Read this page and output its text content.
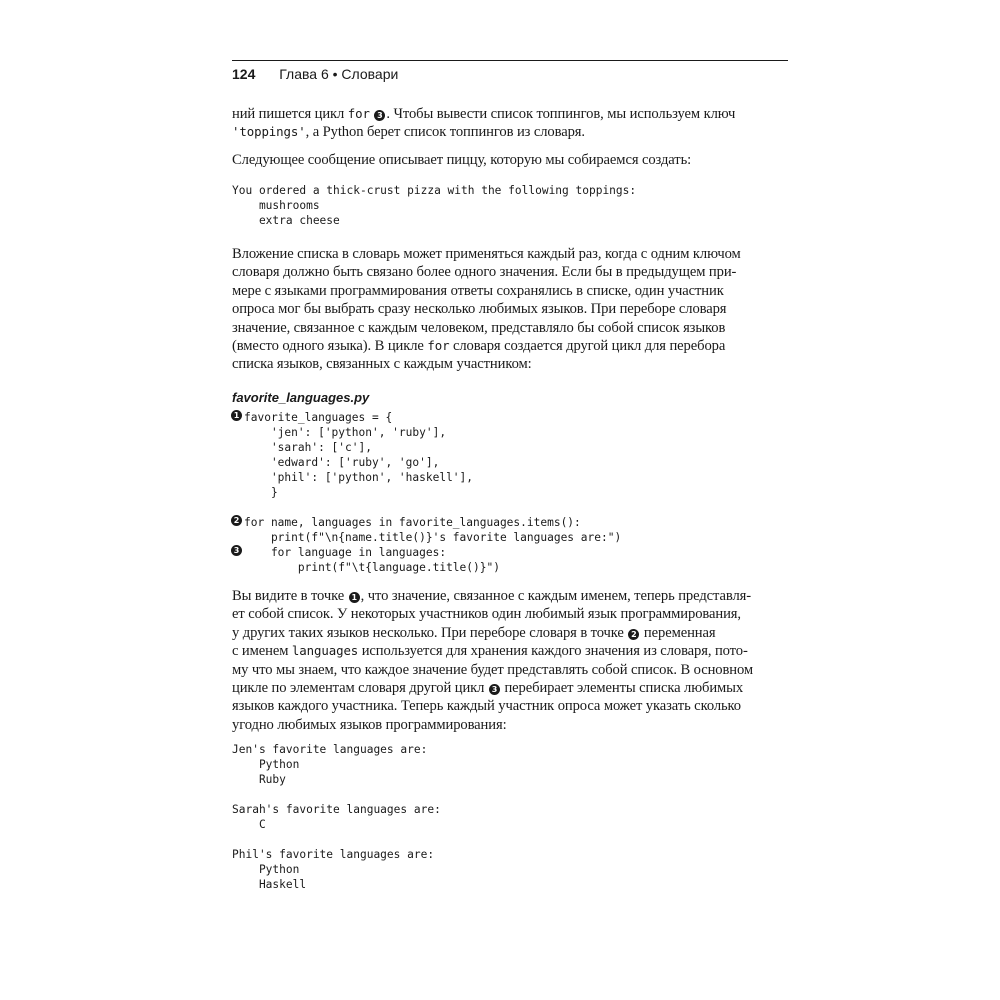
124 Глава 6 • Словари

ний пишется цикл for 3 . Чтобы вывести список топпингов, мы используем ключ
'toppings', а Python берет список топпингов из словаря.

Следующее сообщение описывает пиццу, которую мы собираемся создать:

You ordered a thick-crust pizza with the following toppings:
mushrooms
extra cheese

Вложение списка в словарь может применяться каждый раз, когда с одним ключом
словаря должно быть связано более одного значения. Если бы в предыдущем при-
мере с языками программирования ответы сохранялись в списке, один участник
опроса мог бы выбрать сразу несколько любимых языков. При переборе словаря
значение, связанное с каждым человеком, представляло бы собой список языков
(вместо одного языка). В цикле for словаря создается другой цикл для перебора
списка языков, связанных с каждым участником:

favorite_languages.py
1 favorite_languages = {
'jen': ['python', 'ruby'],
'sarah': ['c'],
'edward': ['ruby', 'go'],
'phil': ['python', 'haskell'],
}
2 for name, languages in favorite_languages.items():
print(f"\n{name.title()}'s favorite languages are:")
3 for language in languages:
print(f"\t{language.title()}")

Вы видите в точке 1 , что значение, связанное с каждым именем, теперь представля-
ет собой список. У некоторых участников один любимый язык программирования,
у других таких языков несколько. При переборе словаря в точке 2 переменная
с именем languages используется для хранения каждого значения из словаря, пото-
му что мы знаем, что каждое значение будет представлять собой список. В основном
цикле по элементам словаря другой цикл 3 перебирает элементы списка любимых
языков каждого участника. Теперь каждый участник опроса может указать сколько
угодно любимых языков программирования:

Jen's favorite languages are:
Python
Ruby

Sarah's favorite languages are:
C

Phil's favorite languages are:
Python
Haskell
